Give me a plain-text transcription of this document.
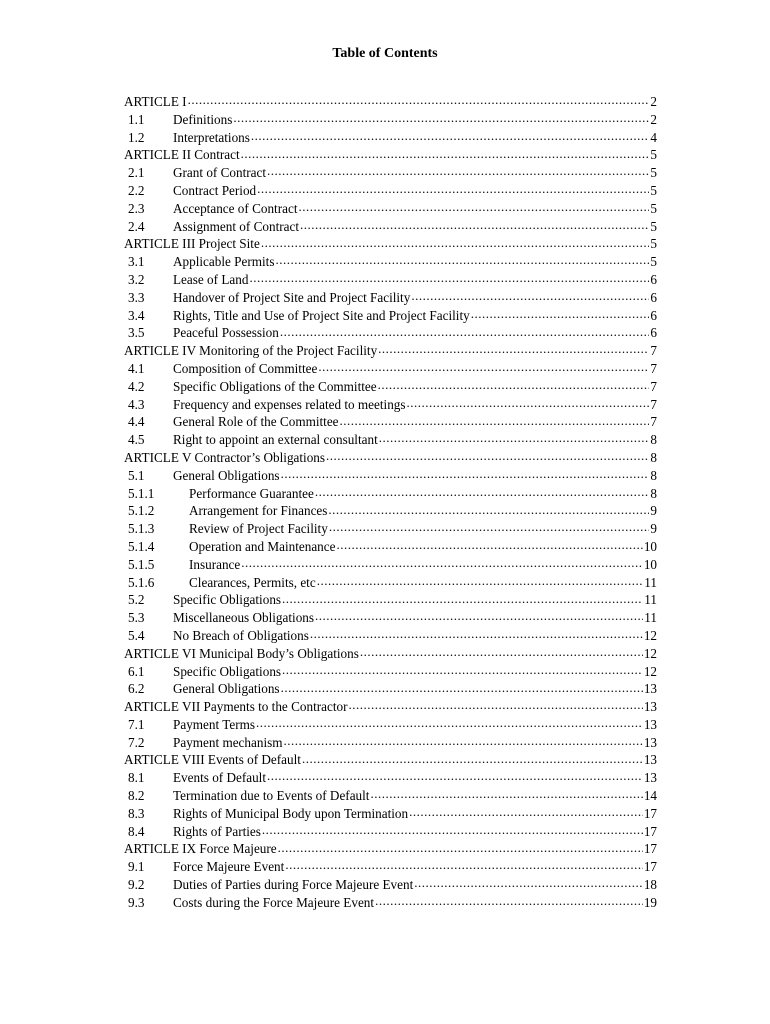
Table of Contents
ARTICLE I .....	2
1.1	Definitions .....	2
1.2	Interpretations .....	4
ARTICLE II Contract .....	5
2.1	Grant of Contract .....	5
2.2	Contract Period .....	5
2.3	Acceptance of Contract .....	5
2.4	Assignment of Contract .....	5
ARTICLE III Project Site .....	5
3.1	Applicable Permits .....	5
3.2	Lease of Land .....	6
3.3	Handover of Project Site and Project Facility .....	6
3.4	Rights, Title and Use of Project Site and Project Facility .....	6
3.5	Peaceful Possession .....	6
ARTICLE IV Monitoring of the Project Facility .....	7
4.1	Composition of Committee .....	7
4.2	Specific Obligations of the Committee .....	7
4.3	Frequency and expenses related to meetings .....	7
4.4	General Role of the Committee .....	7
4.5	Right to appoint an external consultant .....	8
ARTICLE V Contractor’s Obligations .....	8
5.1	General Obligations .....	8
5.1.1	Performance Guarantee .....	8
5.1.2	Arrangement for Finances .....	9
5.1.3	Review of Project Facility .....	9
5.1.4	Operation and Maintenance .....	10
5.1.5	Insurance .....	10
5.1.6	Clearances, Permits, etc .....	11
5.2	Specific Obligations .....	11
5.3	Miscellaneous Obligations .....	11
5.4	No Breach of Obligations .....	12
ARTICLE VI Municipal Body’s Obligations .....	12
6.1	Specific Obligations .....	12
6.2	General Obligations .....	13
ARTICLE VII Payments to the Contractor .....	13
7.1	Payment Terms .....	13
7.2	Payment mechanism .....	13
ARTICLE VIII Events of Default .....	13
8.1	Events of Default .....	13
8.2	Termination due to Events of Default .....	14
8.3	Rights of Municipal Body upon Termination .....	17
8.4	Rights of Parties .....	17
ARTICLE IX Force Majeure .....	17
9.1	Force Majeure Event .....	17
9.2	Duties of Parties during Force Majeure Event .....	18
9.3	Costs during the Force Majeure Event .....	19
